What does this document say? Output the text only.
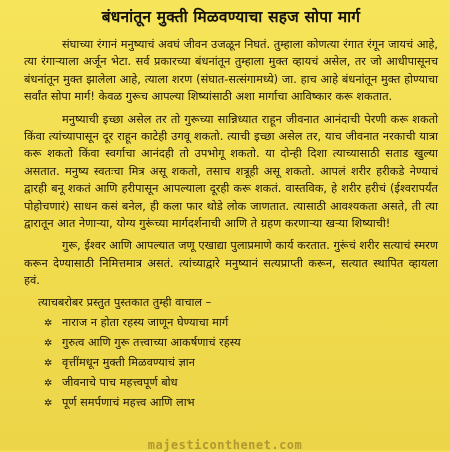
बंधनांतून मुक्ती मिळवण्याचा सहज सोपा मार्ग

संघाच्या रंगानं मनुष्याचं अवघं जीवन उजळून निघतं. तुम्हाला कोणत्या रंगात रंगून जायचं आहे, त्या रंगाऱ्याला अर्जून भेटा. सर्व प्रकारच्या बंधनांतून तुम्हाला मुक्त व्हायचं असेल, तर जो आधीपासूनच बंधनांतून मुक्त झालेला आहे, त्याला शरण (संघात-सत्संगामध्ये) जा. हाच आहे बंधनांतून मुक्त होण्याचा सर्वांत सोपा मार्ग! केवळ गुरूच आपल्या शिष्यांसाठी अशा मार्गाचा आविष्कार करू शकतात.

मनुष्याची इच्छा असेल तर तो गुरूच्या सान्निध्यात राहून जीवनात आनंदाची पेरणी करू शकतो किंवा त्यांच्यापासून दूर राहून काटेही उगवू शकतो. त्याची इच्छा असेल तर, याच जीवनात नरकाची यात्रा करू शकतो किंवा स्वर्गाचा आनंदही तो उपभोगू शकतो. या दोन्ही दिशा त्याच्यासाठी सताड खुल्या असतात. मनुष्य स्वतःचा मित्र असू शकतो, तसाच शत्रूही असू शकतो. आपलं शरीर हरीकडे नेण्याचं द्वारही बनू शकतं आणि हरीपासून आपल्याला दूरही करू शकतं. वास्तविक, हे शरीर हरीचं (ईश्वरापर्यंत पोहोचणारं) साधन कसं बनेल, ही कला फार थोडे लोक जाणतात. त्यासाठी आवश्यकता असते, ती त्या द्वारातून आत नेणाऱ्या, योग्य गुरूंच्या मार्गदर्शनाची आणि ते ग्रहण करणाऱ्या खऱ्या शिष्याची!

गुरू, ईश्वर आणि आपल्यात जणू एखाद्या पुलाप्रमाणे कार्य करतात. गुरूंचं शरीर सत्याचं स्मरण करून देण्यासाठी निमित्तमात्र असतं. त्यांच्याद्वारे मनुष्यानं सत्यप्राप्ती करून, सत्यात स्थापित व्हायला हवं.

त्याचबरोबर प्रस्तुत पुस्तकात तुम्ही वाचाल –

✲ नाराज न होता रहस्य जाणून घेण्याचा मार्ग
✲ गुरुत्व आणि गुरू तत्त्वाच्या आकर्षणाचं रहस्य
✲ वृत्तींमधून मुक्ती मिळवण्याचं ज्ञान
✲ जीवनाचे पाच महत्त्वपूर्ण बोध
✲ पूर्ण समर्पणाचं महत्त्व आणि लाभ
majesticonthenet.com
